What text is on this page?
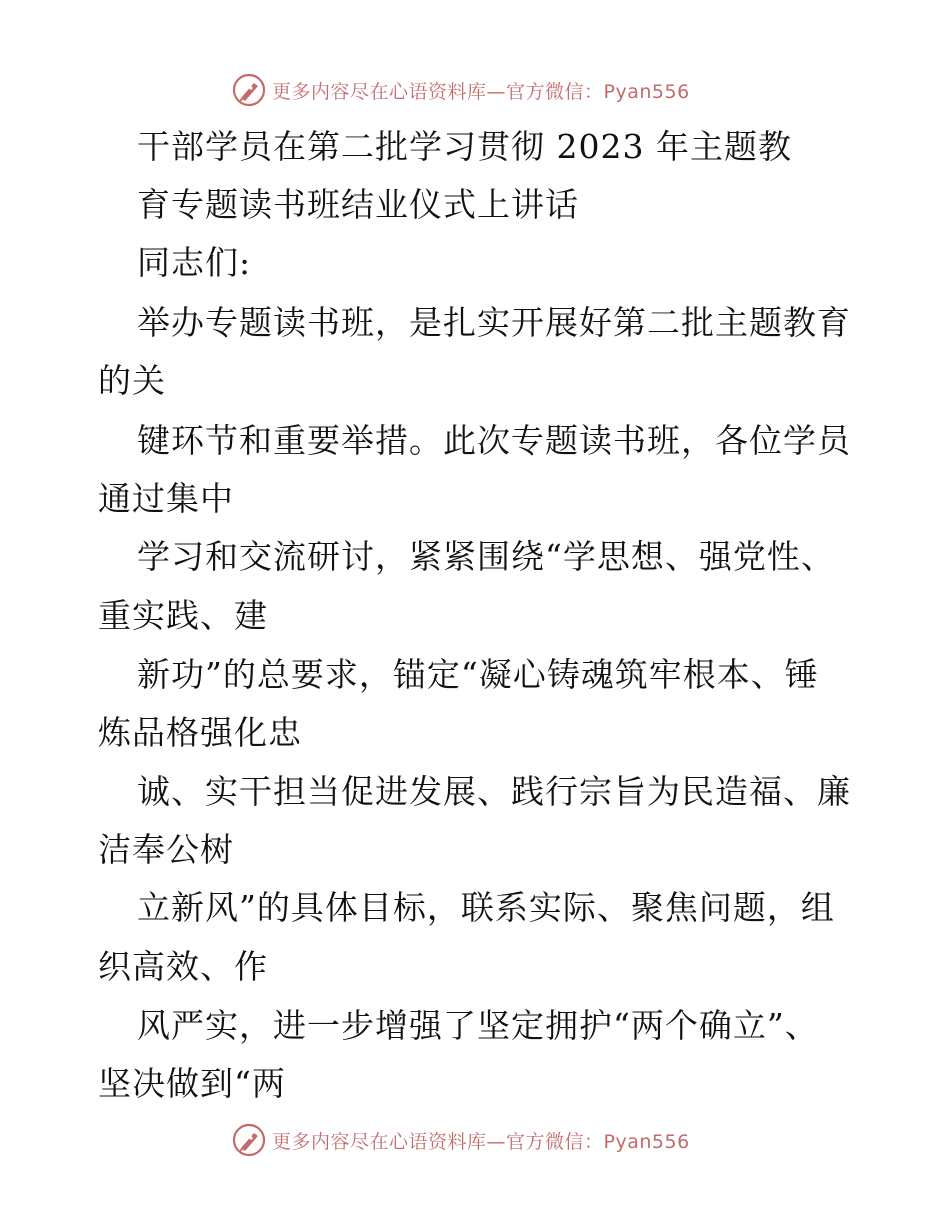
更多内容尽在心语资料库—官方微信：Pyan556
干部学员在第二批学习贯彻 2023 年主题教
育专题读书班结业仪式上讲话
同志们:
举办专题读书班，是扎实开展好第二批主题教育
的关
键环节和重要举措。此次专题读书班，各位学员
通过集中
学习和交流研讨，紧紧围绕“学思想、强党性、
重实践、建
新功”的总要求，锚定“凝心铸魂筑牢根本、锤
炼品格强化忠
诚、实干担当促进发展、践行宗旨为民造福、廉
洁奉公树
立新风”的具体目标，联系实际、聚焦问题，组
织高效、作
风严实，进一步增强了坚定拥护“两个确立”、
坚决做到“两
更多内容尽在心语资料库—官方微信：Pyan556
